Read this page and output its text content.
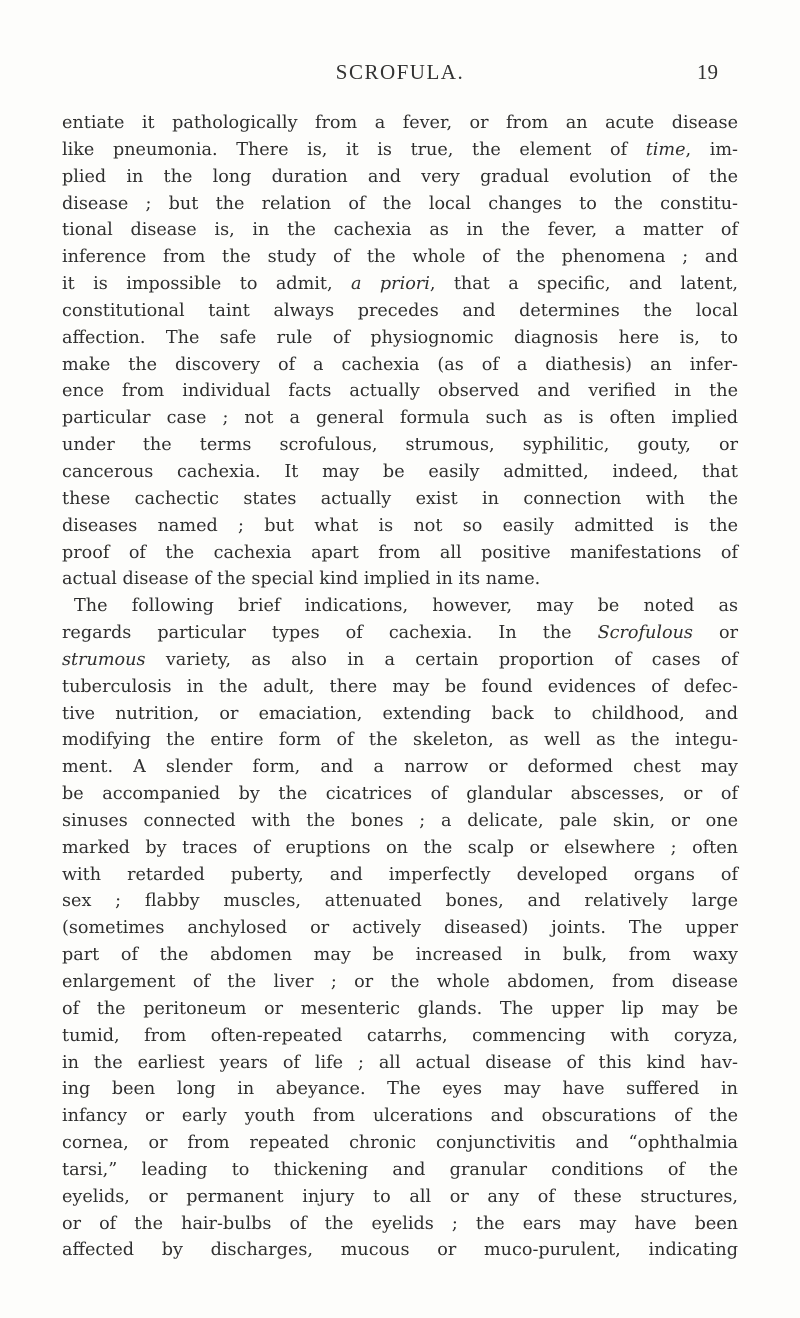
SCROFULA.	19
entiate it pathologically from a fever, or from an acute disease
like pneumonia. There is, it is true, the element of time, im-
plied in the long duration and very gradual evolution of the
disease ; but the relation of the local changes to the constitu-
tional disease is, in the cachexia as in the fever, a matter of
inference from the study of the whole of the phenomena ; and
it is impossible to admit, a priori, that a specific, and latent,
constitutional taint always precedes and determines the local
affection. The safe rule of physiognomic diagnosis here is, to
make the discovery of a cachexia (as of a diathesis) an infer-
ence from individual facts actually observed and verified in the
particular case ; not a general formula such as is often implied
under the terms scrofulous, strumous, syphilitic, gouty, or
cancerous cachexia. It may be easily admitted, indeed, that
these cachectic states actually exist in connection with the
diseases named ; but what is not so easily admitted is the
proof of the cachexia apart from all positive manifestations of
actual disease of the special kind implied in its name.
The following brief indications, however, may be noted as
regards particular types of cachexia. In the Scrofulous or
strumous variety, as also in a certain proportion of cases of
tuberculosis in the adult, there may be found evidences of defec-
tive nutrition, or emaciation, extending back to childhood, and
modifying the entire form of the skeleton, as well as the integu-
ment. A slender form, and a narrow or deformed chest may
be accompanied by the cicatrices of glandular abscesses, or of
sinuses connected with the bones ; a delicate, pale skin, or one
marked by traces of eruptions on the scalp or elsewhere ; often
with retarded puberty, and imperfectly developed organs of
sex ; flabby muscles, attenuated bones, and relatively large
(sometimes anchylosed or actively diseased) joints. The upper
part of the abdomen may be increased in bulk, from waxy
enlargement of the liver ; or the whole abdomen, from disease
of the peritoneum or mesenteric glands. The upper lip may be
tumid, from often-repeated catarrhs, commencing with coryza,
in the earliest years of life ; all actual disease of this kind hav-
ing been long in abeyance. The eyes may have suffered in
infancy or early youth from ulcerations and obscurations of the
cornea, or from repeated chronic conjunctivitis and “ophthalmia
tarsi,” leading to thickening and granular conditions of the
eyelids, or permanent injury to all or any of these structures,
or of the hair-bulbs of the eyelids ; the ears may have been
affected by discharges, mucous or muco-purulent, indicating
